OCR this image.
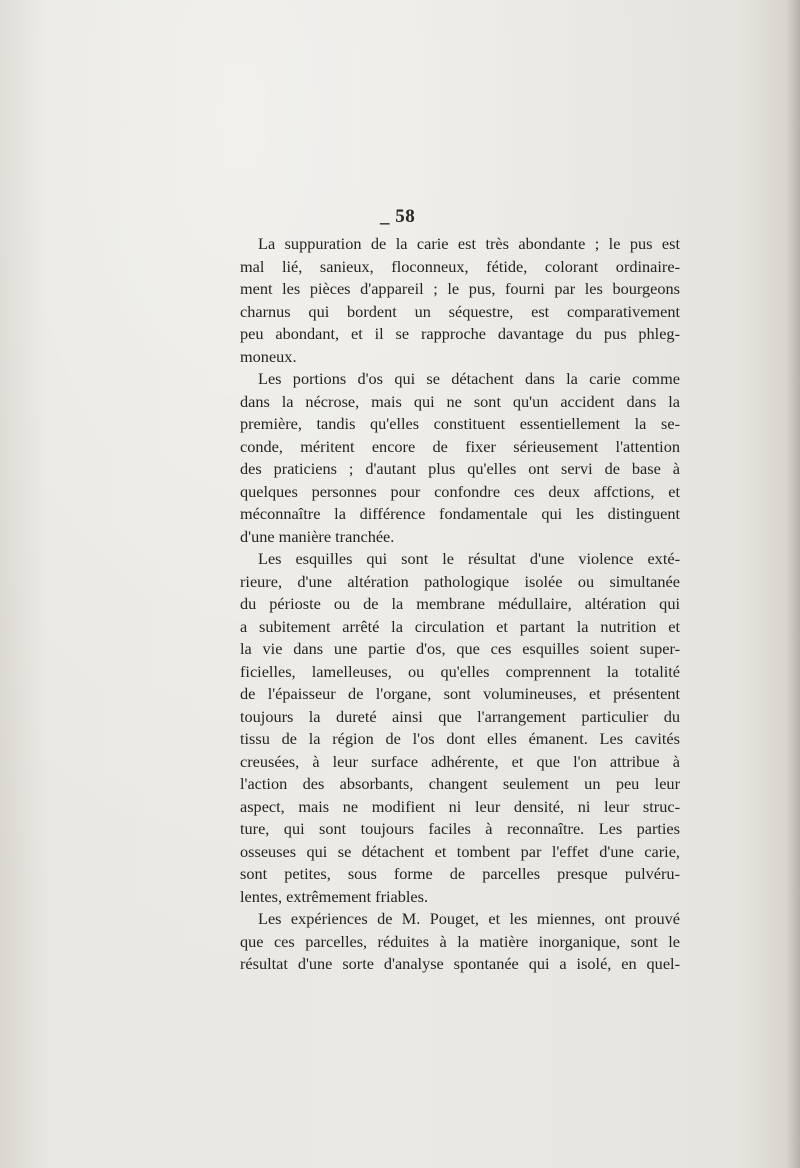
_ 58

La suppuration de la carie est très abondante ; le pus est
mal lié, sanieux, floconneux, fétide, colorant ordinaire-
ment les pièces d'appareil ; le pus, fourni par les bourgeons
charnus qui bordent un séquestre, est comparativement
peu abondant, et il se rapproche davantage du pus phleg-
moneux.

Les portions d'os qui se détachent dans la carie comme
dans la nécrose, mais qui ne sont qu'un accident dans la
première, tandis qu'elles constituent essentiellement la se-
conde, méritent encore de fixer sérieusement l'attention
des praticiens ; d'autant plus qu'elles ont servi de base à
quelques personnes pour confondre ces deux affctions, et
méconnaître la différence fondamentale qui les distinguent
d'une manière tranchée.

Les esquilles qui sont le résultat d'une violence exté-
rieure, d'une altération pathologique isolée ou simultanée
du périoste ou de la membrane médullaire, altération qui
a subitement arrêté la circulation et partant la nutrition et
la vie dans une partie d'os, que ces esquilles soient super-
ficielles, lamelleuses, ou qu'elles comprennent la totalité
de l'épaisseur de l'organe, sont volumineuses, et présentent
toujours la dureté ainsi que l'arrangement particulier du
tissu de la région de l'os dont elles émanent. Les cavités
creusées, à leur surface adhérente, et que l'on attribue à
l'action des absorbants, changent seulement un peu leur
aspect, mais ne modifient ni leur densité, ni leur struc-
ture, qui sont toujours faciles à reconnaître. Les parties
osseuses qui se détachent et tombent par l'effet d'une carie,
sont petites, sous forme de parcelles presque pulvéru-
lentes, extrêmement friables.

Les expériences de M. Pouget, et les miennes, ont prouvé
que ces parcelles, réduites à la matière inorganique, sont le
résultat d'une sorte d'analyse spontanée qui a isolé, en quel-
